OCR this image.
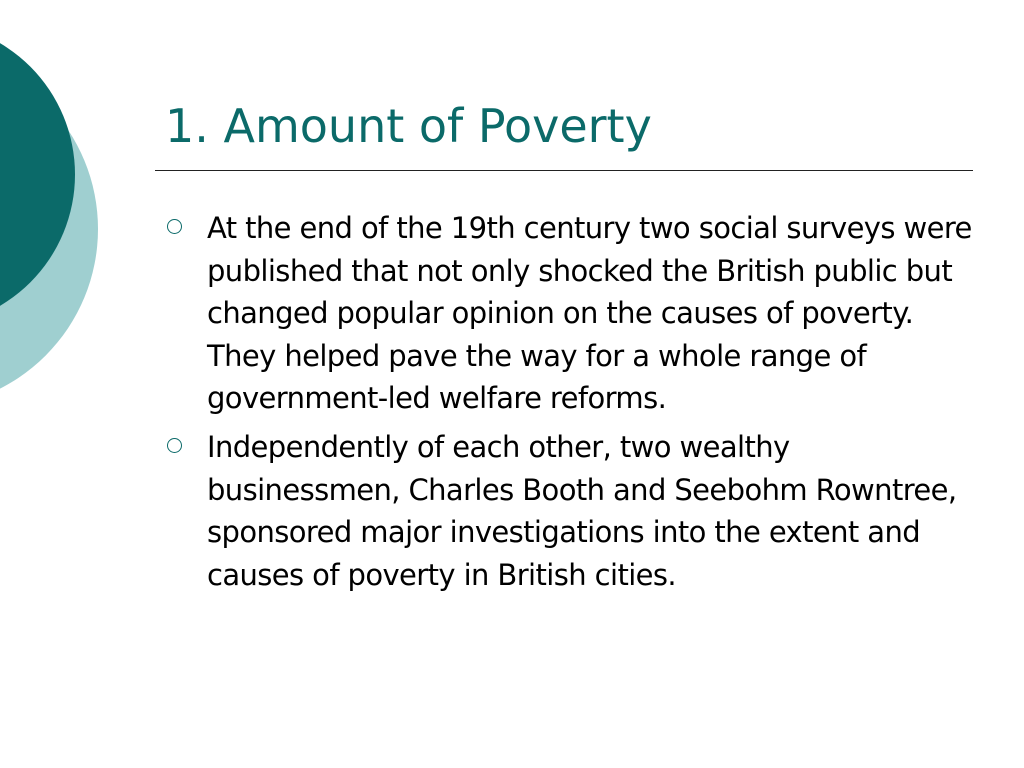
1. Amount of Poverty
At the end of the 19th century two social surveys were published that not only shocked the British public but changed popular opinion on the causes of poverty. They helped pave the way for a whole range of government-led welfare reforms.
Independently of each other, two wealthy businessmen, Charles Booth and Seebohm Rowntree, sponsored major investigations into the extent and causes of poverty in British cities.
